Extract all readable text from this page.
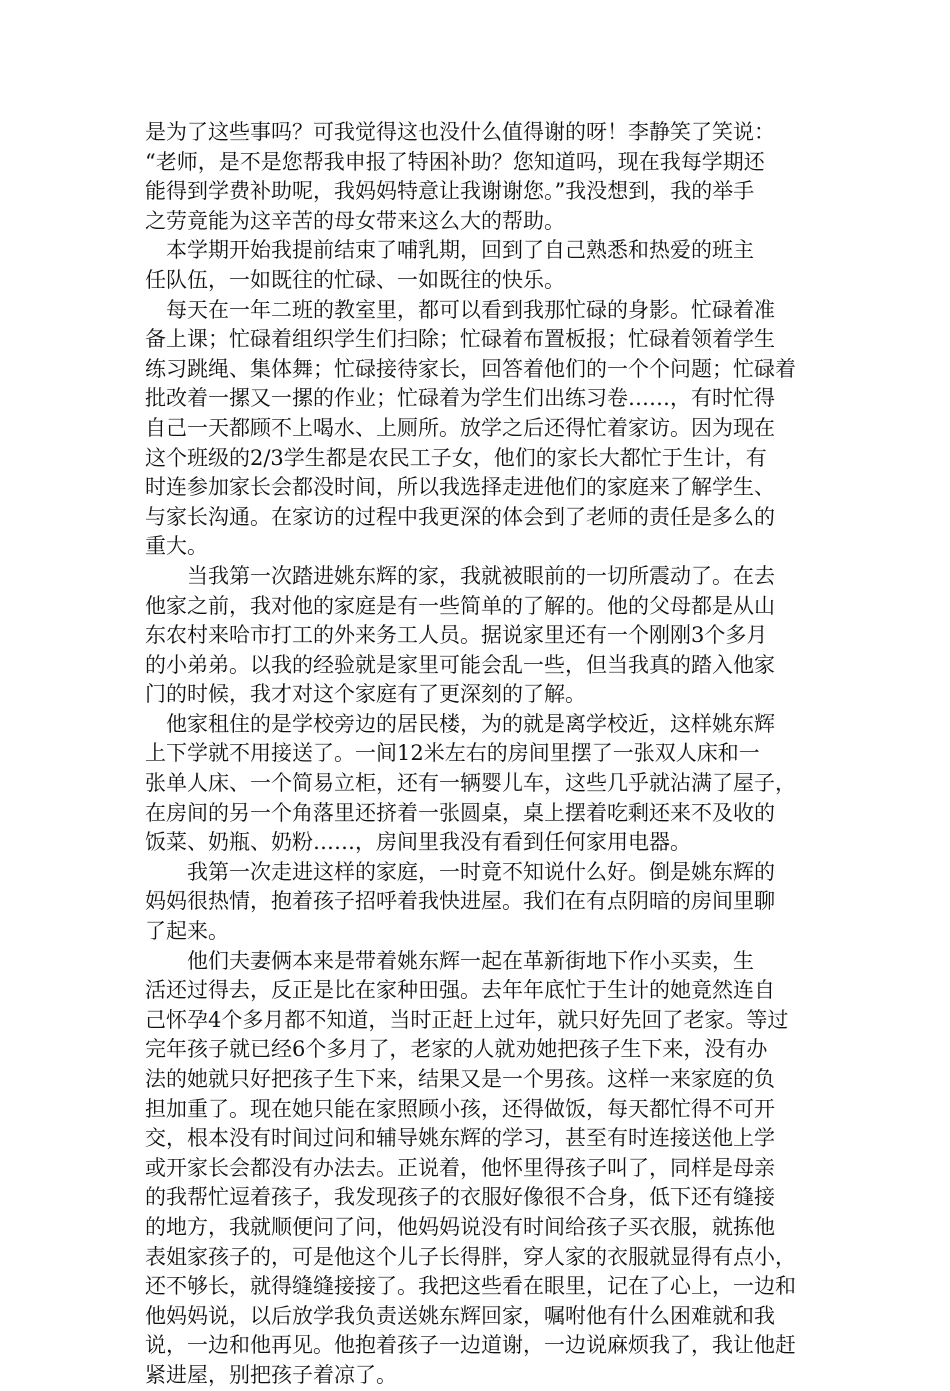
是为了这些事吗？可我觉得这也没什么值得谢的呀！李静笑了笑说：
“老师，是不是您帮我申报了特困补助？您知道吗，现在我每学期还
能得到学费补助呢，我妈妈特意让我谢谢您。”我没想到，我的举手
之劳竟能为这辛苦的母女带来这么大的帮助。
　本学期开始我提前结束了哺乳期，回到了自己熟悉和热爱的班主
任队伍，一如既往的忙碌、一如既往的快乐。
　每天在一年二班的教室里，都可以看到我那忙碌的身影。忙碌着准
备上课；忙碌着组织学生们扫除；忙碌着布置板报；忙碌着领着学生
练习跳绳、集体舞；忙碌接待家长，回答着他们的一个个问题；忙碌着
批改着一摞又一摞的作业；忙碌着为学生们出练习卷……，有时忙得
自己一天都顾不上喝水、上厕所。放学之后还得忙着家访。因为现在
这个班级的2/3学生都是农民工子女，他们的家长大都忙于生计，有
时连参加家长会都没时间，所以我选择走进他们的家庭来了解学生、
与家长沟通。在家访的过程中我更深的体会到了老师的责任是多么的
重大。
　　当我第一次踏进姚东辉的家，我就被眼前的一切所震动了。在去
他家之前，我对他的家庭是有一些简单的了解的。他的父母都是从山
东农村来哈市打工的外来务工人员。据说家里还有一个刚刚3个多月
的小弟弟。以我的经验就是家里可能会乱一些，但当我真的踏入他家
门的时候，我才对这个家庭有了更深刻的了解。
　他家租住的是学校旁边的居民楼，为的就是离学校近，这样姚东辉
上下学就不用接送了。一间12米左右的房间里摆了一张双人床和一
张单人床、一个简易立柜，还有一辆婴儿车，这些几乎就沾满了屋子，
在房间的另一个角落里还挤着一张圆桌，桌上摆着吃剩还来不及收的
饭菜、奶瓶、奶粉……，房间里我没有看到任何家用电器。
　　我第一次走进这样的家庭，一时竟不知说什么好。倒是姚东辉的
妈妈很热情，抱着孩子招呼着我快进屋。我们在有点阴暗的房间里聊
了起来。
　　他们夫妻俩本来是带着姚东辉一起在革新街地下作小买卖，生
活还过得去，反正是比在家种田强。去年年底忙于生计的她竟然连自
己怀孕4个多月都不知道，当时正赶上过年，就只好先回了老家。等过
完年孩子就已经6个多月了，老家的人就劝她把孩子生下来，没有办
法的她就只好把孩子生下来，结果又是一个男孩。这样一来家庭的负
担加重了。现在她只能在家照顾小孩，还得做饭，每天都忙得不可开
交，根本没有时间过问和辅导姚东辉的学习，甚至有时连接送他上学
或开家长会都没有办法去。正说着，他怀里得孩子叫了，同样是母亲
的我帮忙逗着孩子，我发现孩子的衣服好像很不合身，低下还有缝接
的地方，我就顺便问了问，他妈妈说没有时间给孩子买衣服，就拣他
表姐家孩子的，可是他这个儿子长得胖，穿人家的衣服就显得有点小，
还不够长，就得缝缝接接了。我把这些看在眼里，记在了心上，一边和
他妈妈说，以后放学我负责送姚东辉回家，嘱咐他有什么困难就和我
说，一边和他再见。他抱着孩子一边道谢，一边说麻烦我了，我让他赶
紧进屋，别把孩子着凉了。
